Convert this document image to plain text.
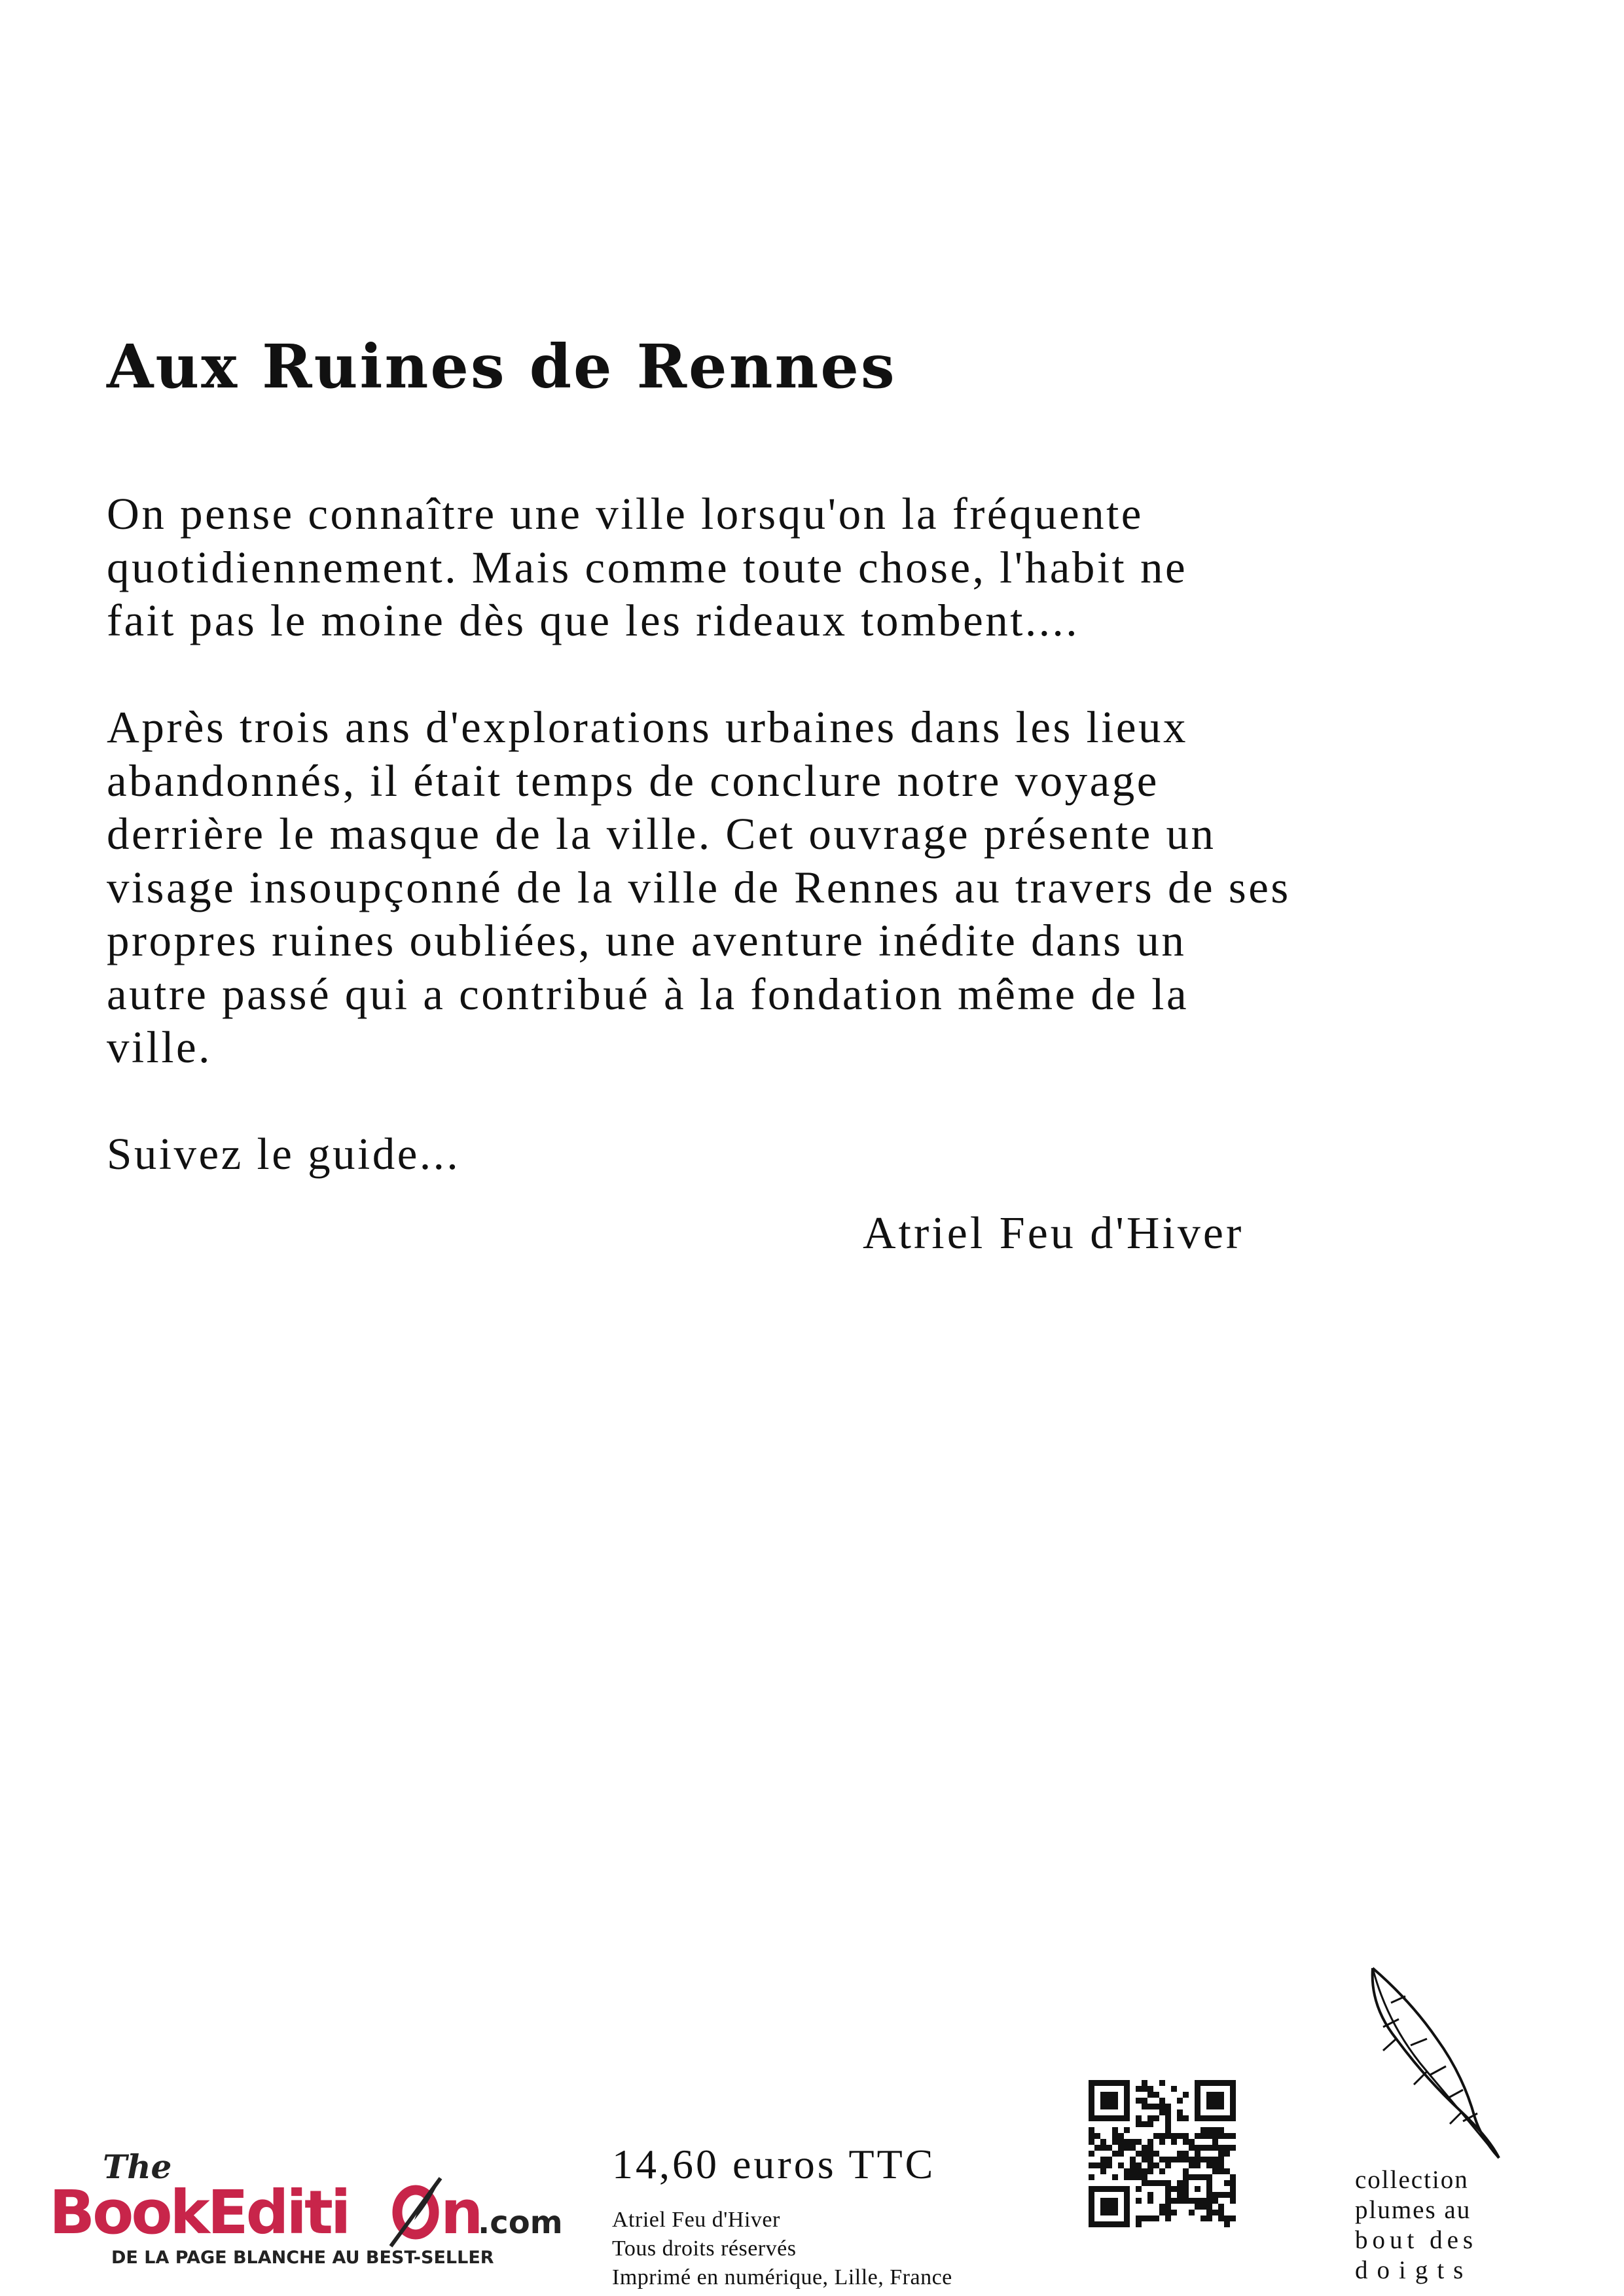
Aux Ruines de Rennes

On pense connaître une ville lorsqu'on la fréquente
quotidiennement. Mais comme toute chose, l'habit ne
fait pas le moine dès que les rideaux tombent....

Après trois ans d'explorations urbaines dans les lieux
abandonnés, il était temps de conclure notre voyage
derrière le masque de la ville. Cet ouvrage présente un
visage insoupçonné de la ville de Rennes au travers de ses
propres ruines oubliées, une aventure inédite dans un
autre passé qui a contribué à la fondation même de la
ville.

Suivez le guide...

Atriel Feu d'Hiver
The
BookEditi n
.com
DE LA PAGE BLANCHE AU BEST-SELLER
14,60 euros TTC
Atriel Feu d'Hiver
Tous droits réservés
Imprimé en numérique, Lille, France
collection
plumes au
bout des
doigts
